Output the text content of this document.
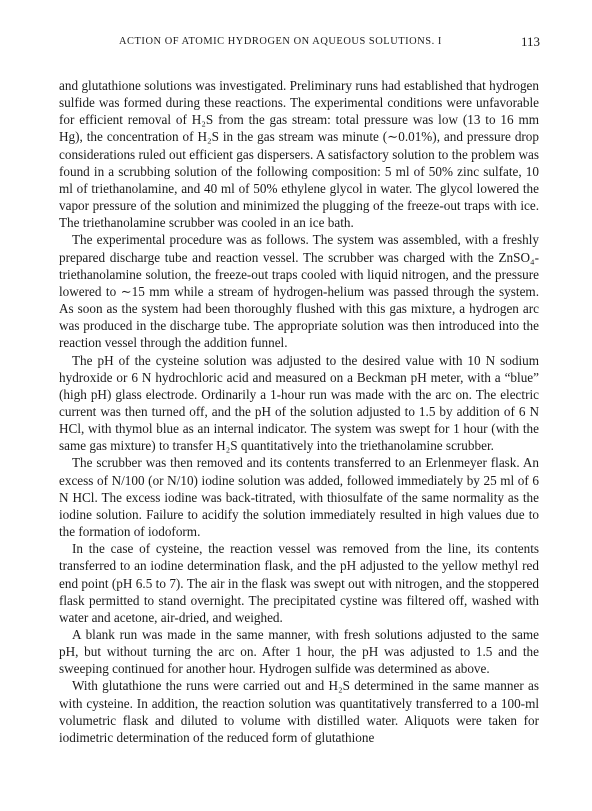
ACTION OF ATOMIC HYDROGEN ON AQUEOUS SOLUTIONS. I	113

and glutathione solutions was investigated. Preliminary runs had established that hydrogen sulfide was formed during these reactions. The experimental conditions were unfavorable for efficient removal of H₂S from the gas stream: total pressure was low (13 to 16 mm Hg), the concentration of H₂S in the gas stream was minute (∼0.01%), and pressure drop considerations ruled out efficient gas dispersers. A satisfactory solution to the problem was found in a scrubbing solution of the following composition: 5 ml of 50% zinc sulfate, 10 ml of triethanolamine, and 40 ml of 50% ethylene glycol in water. The glycol lowered the vapor pressure of the solution and minimized the plugging of the freeze-out traps with ice. The triethanolamine scrubber was cooled in an ice bath.

The experimental procedure was as follows. The system was assembled, with a freshly prepared discharge tube and reaction vessel. The scrubber was charged with the ZnSO₄-triethanolamine solution, the freeze-out traps cooled with liquid nitrogen, and the pressure lowered to ∼15 mm while a stream of hydrogen-helium was passed through the system. As soon as the system had been thoroughly flushed with this gas mixture, a hydrogen arc was produced in the discharge tube. The appropriate solution was then introduced into the reaction vessel through the addition funnel.

The pH of the cysteine solution was adjusted to the desired value with 10 N sodium hydroxide or 6 N hydrochloric acid and measured on a Beckman pH meter, with a “blue” (high pH) glass electrode. Ordinarily a 1-hour run was made with the arc on. The electric current was then turned off, and the pH of the solution adjusted to 1.5 by addition of 6 N HCl, with thymol blue as an internal indicator. The system was swept for 1 hour (with the same gas mixture) to transfer H₂S quantitatively into the triethanolamine scrubber.

The scrubber was then removed and its contents transferred to an Erlenmeyer flask. An excess of N/100 (or N/10) iodine solution was added, followed immediately by 25 ml of 6 N HCl. The excess iodine was back-titrated, with thiosulfate of the same normality as the iodine solution. Failure to acidify the solution immediately resulted in high values due to the formation of iodoform.

In the case of cysteine, the reaction vessel was removed from the line, its contents transferred to an iodine determination flask, and the pH adjusted to the yellow methyl red end point (pH 6.5 to 7). The air in the flask was swept out with nitrogen, and the stoppered flask permitted to stand overnight. The precipitated cystine was filtered off, washed with water and acetone, air-dried, and weighed.

A blank run was made in the same manner, with fresh solutions adjusted to the same pH, but without turning the arc on. After 1 hour, the pH was adjusted to 1.5 and the sweeping continued for another hour. Hydrogen sulfide was determined as above.

With glutathione the runs were carried out and H₂S determined in the same manner as with cysteine. In addition, the reaction solution was quantitatively transferred to a 100-ml volumetric flask and diluted to volume with distilled water. Aliquots were taken for iodimetric determination of the reduced form of glutathione
